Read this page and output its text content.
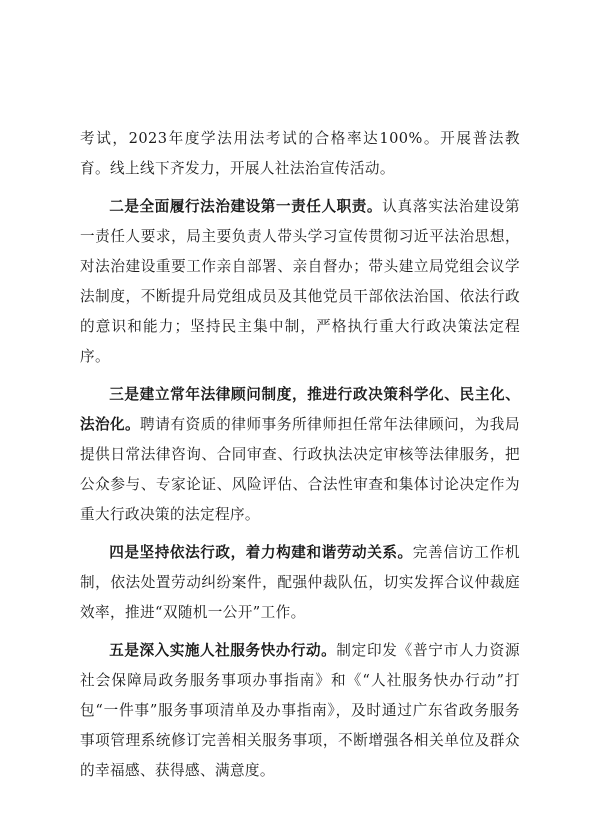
考试，2023年度学法用法考试的合格率达100%。开展普法教育。线上线下齐发力，开展人社法治宣传活动。

二是全面履行法治建设第一责任人职责。认真落实法治建设第一责任人要求，局主要负责人带头学习宣传贯彻习近平法治思想，对法治建设重要工作亲自部署、亲自督办；带头建立局党组会议学法制度，不断提升局党组成员及其他党员干部依法治国、依法行政的意识和能力；坚持民主集中制，严格执行重大行政决策法定程序。

三是建立常年法律顾问制度，推进行政决策科学化、民主化、法治化。聘请有资质的律师事务所律师担任常年法律顾问，为我局提供日常法律咨询、合同审查、行政执法决定审核等法律服务，把公众参与、专家论证、风险评估、合法性审查和集体讨论决定作为重大行政决策的法定程序。

四是坚持依法行政，着力构建和谐劳动关系。完善信访工作机制，依法处置劳动纠纷案件，配强仲裁队伍，切实发挥合议仲裁庭效率，推进“双随机一公开”工作。

五是深入实施人社服务快办行动。制定印发《普宁市人力资源社会保障局政务服务事项办事指南》和《“人社服务快办行动”打包“一件事”服务事项清单及办事指南》，及时通过广东省政务服务事项管理系统修订完善相关服务事项，不断增强各相关单位及群众的幸福感、获得感、满意度。
